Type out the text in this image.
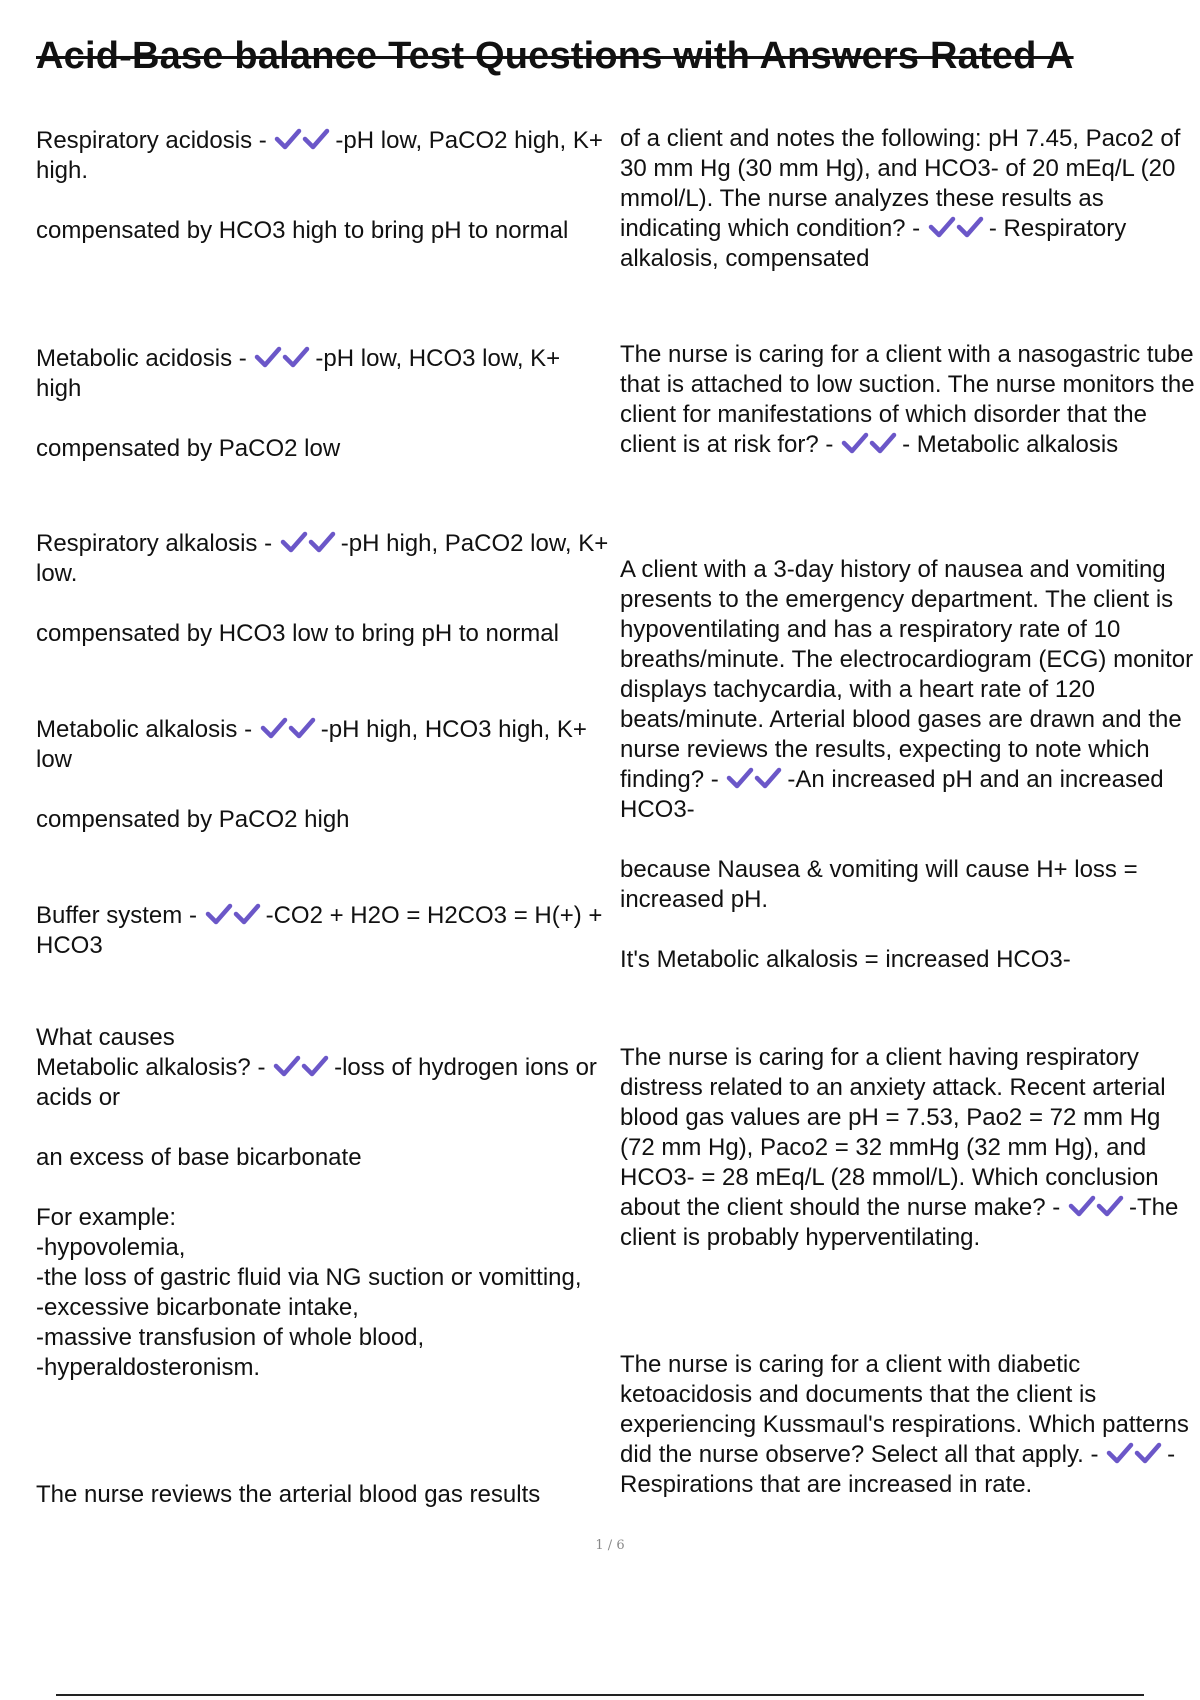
Acid-Base balance Test Questions with Answers Rated A

Respiratory acidosis -	-pH low, PaCO2 high, K+ high.

compensated by HCO3 high to bring pH to normal

Metabolic acidosis -	-pH low, HCO3 low, K+ high

compensated by PaCO2 low

Respiratory alkalosis -	-pH high, PaCO2 low, K+ low.

compensated by HCO3 low to bring pH to normal

Metabolic alkalosis -	-pH high, HCO3 high, K+ low

compensated by PaCO2 high

Buffer system -	-CO2 + H2O = H2CO3 = H(+) + HCO3

What causes

Metabolic alkalosis? -	-loss of hydrogen ions or acids or

an excess of base bicarbonate

For example:

-hypovolemia,

-the loss of gastric fluid via NG suction or vomitting,

-excessive bicarbonate intake,

-massive transfusion of whole blood,

-hyperaldosteronism.

The nurse reviews the arterial blood gas results

of a client and notes the following: pH 7.45, Paco2 of 30 mm Hg (30 mm Hg), and HCO3- of 20 mEq/L (20 mmol/L). The nurse analyzes these results as indicating which condition? -	- Respiratory alkalosis, compensated

The nurse is caring for a client with a nasogastric tube that is attached to low suction. The nurse monitors the client for manifestations of which disorder that the client is at risk for? -	- Metabolic alkalosis

A client with a 3-day history of nausea and vomiting presents to the emergency department. The client is hypoventilating and has a respiratory rate of 10 breaths/minute. The electrocardiogram (ECG) monitor displays tachycardia, with a heart rate of 120 beats/minute. Arterial blood gases are drawn and the nurse reviews the results, expecting to note which finding? -	-An increased pH and an increased HCO3-

because Nausea & vomiting will cause H+ loss = increased pH.

It's Metabolic alkalosis = increased HCO3-

The nurse is caring for a client having respiratory distress related to an anxiety attack. Recent arterial blood gas values are pH = 7.53, Pao2 = 72 mm Hg (72 mm Hg), Paco2 = 32 mmHg (32 mm Hg), and HCO3- = 28 mEq/L (28 mmol/L). Which conclusion about the client should the nurse make? -	-The client is probably hyperventilating.

The nurse is caring for a client with diabetic ketoacidosis and documents that the client is experiencing Kussmaul's respirations. Which patterns did the nurse observe? Select all that apply. -	-Respirations that are increased in rate.

1 / 6
